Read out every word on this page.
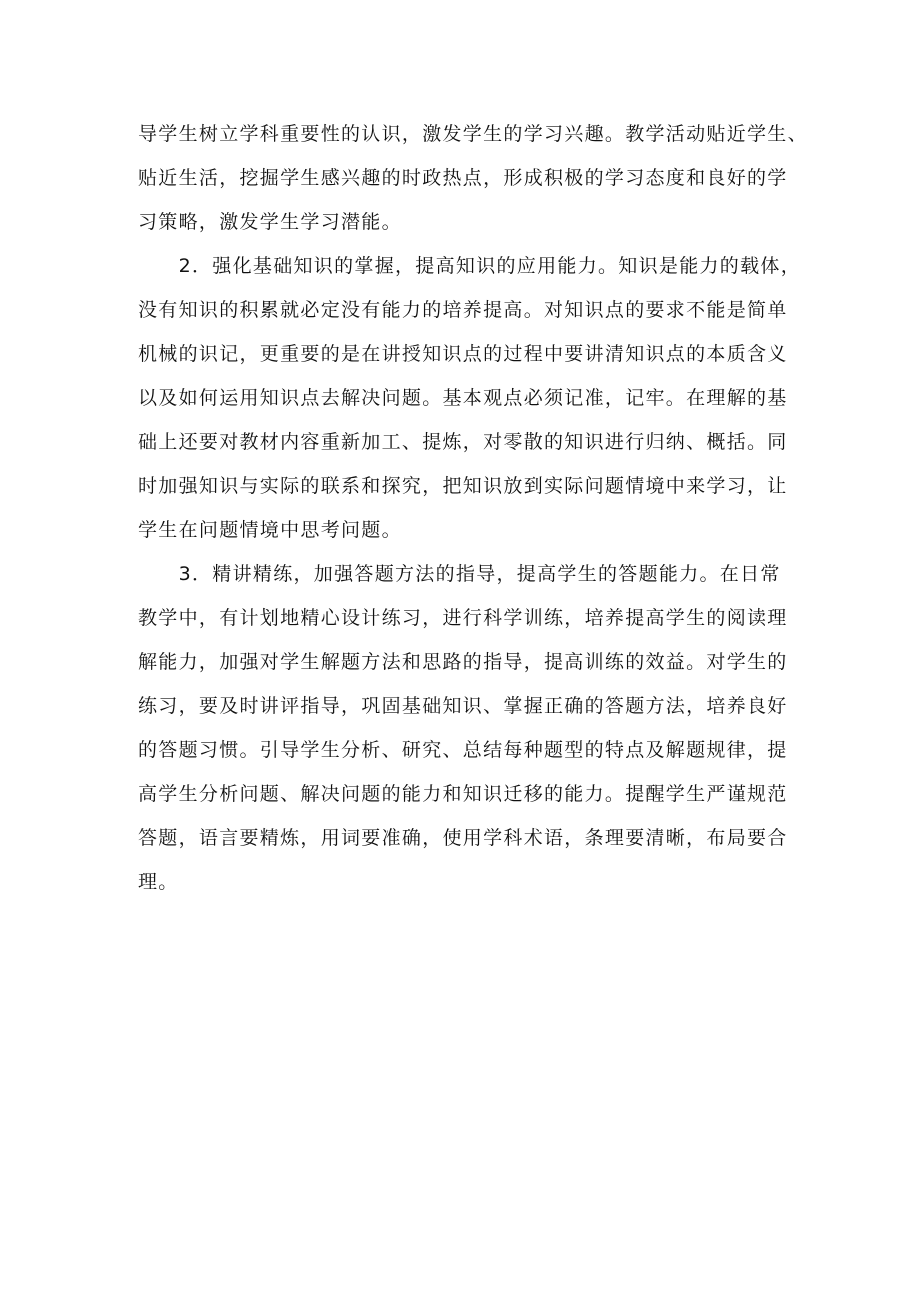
导学生树立学科重要性的认识，激发学生的学习兴趣。教学活动贴近学生、
贴近生活，挖掘学生感兴趣的时政热点，形成积极的学习态度和良好的学
习策略，激发学生学习潜能。
　　2．强化基础知识的掌握，提高知识的应用能力。知识是能力的载体，
没有知识的积累就必定没有能力的培养提高。对知识点的要求不能是简单
机械的识记，更重要的是在讲授知识点的过程中要讲清知识点的本质含义
以及如何运用知识点去解决问题。基本观点必须记准，记牢。在理解的基
础上还要对教材内容重新加工、提炼，对零散的知识进行归纳、概括。同
时加强知识与实际的联系和探究，把知识放到实际问题情境中来学习，让
学生在问题情境中思考问题。
　　3．精讲精练，加强答题方法的指导，提高学生的答题能力。在日常
教学中，有计划地精心设计练习，进行科学训练，培养提高学生的阅读理
解能力，加强对学生解题方法和思路的指导，提高训练的效益。对学生的
练习，要及时讲评指导，巩固基础知识、掌握正确的答题方法，培养良好
的答题习惯。引导学生分析、研究、总结每种题型的特点及解题规律，提
高学生分析问题、解决问题的能力和知识迁移的能力。提醒学生严谨规范
答题，语言要精炼，用词要准确，使用学科术语，条理要清晰，布局要合
理。
